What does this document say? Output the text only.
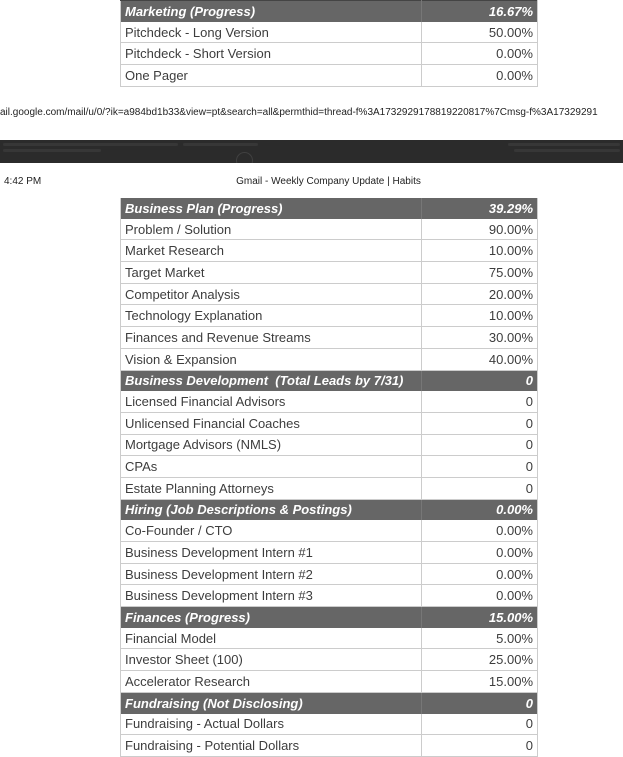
Marketing (Progress)	16.67%
Pitchdeck - Long Version	50.00%
Pitchdeck - Short Version	0.00%
One Pager	0.00%
ail.google.com/mail/u/0/?ik=a984bd1b33&view=pt&search=all&permthid=thread-f%3A1732929178819220817%7Cmsg-f%3A17329291
4:42 PM	Gmail - Weekly Company Update | Habits
Business Plan (Progress)	39.29%
Problem / Solution	90.00%
Market Research	10.00%
Target Market	75.00%
Competitor Analysis	20.00%
Technology Explanation	10.00%
Finances and Revenue Streams	30.00%
Vision & Expansion	40.00%
Business Development  (Total Leads by 7/31)	0
Licensed Financial Advisors	0
Unlicensed Financial Coaches	0
Mortgage Advisors (NMLS)	0
CPAs	0
Estate Planning Attorneys	0
Hiring (Job Descriptions & Postings)	0.00%
Co-Founder / CTO	0.00%
Business Development Intern #1	0.00%
Business Development Intern #2	0.00%
Business Development Intern #3	0.00%
Finances (Progress)	15.00%
Financial Model	5.00%
Investor Sheet (100)	25.00%
Accelerator Research	15.00%
Fundraising (Not Disclosing)	0
Fundraising - Actual Dollars	0
Fundraising - Potential Dollars	0
